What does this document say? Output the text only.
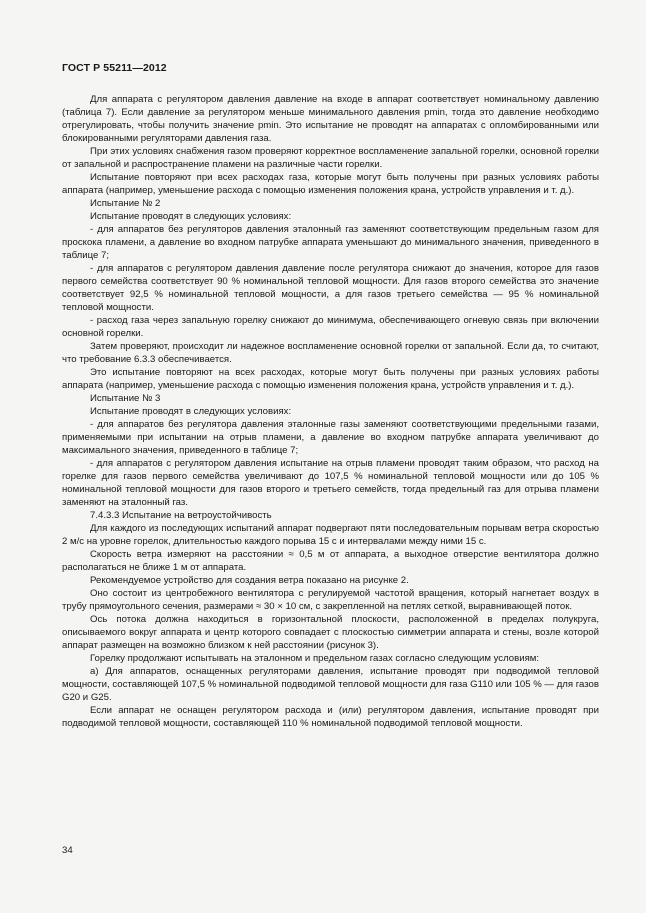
ГОСТ Р 55211—2012

Для аппарата с регулятором давления давление на входе в аппарат соответствует номинальному давлению (таблица 7). Если давление за регулятором меньше минимального давления pmin, тогда это давление необходимо отрегулировать, чтобы получить значение pmin. Это испытание не проводят на аппаратах с опломбированными или блокированными регуляторами давления газа.

При этих условиях снабжения газом проверяют корректное воспламенение запальной горелки, основной горелки от запальной и распространение пламени на различные части горелки.

Испытание повторяют при всех расходах газа, которые могут быть получены при разных условиях работы аппарата (например, уменьшение расхода с помощью изменения положения крана, устройств управления и т. д.).

Испытание № 2

Испытание проводят в следующих условиях:

- для аппаратов без регуляторов давления эталонный газ заменяют соответствующим предельным газом для проскока пламени, а давление во входном патрубке аппарата уменьшают до минимального значения, приведенного в таблице 7;

- для аппаратов с регулятором давления давление после регулятора снижают до значения, которое для газов первого семейства соответствует 90 % номинальной тепловой мощности. Для газов второго семейства это значение соответствует 92,5 % номинальной тепловой мощности, а для газов третьего семейства — 95 % номинальной тепловой мощности.

- расход газа через запальную горелку снижают до минимума, обеспечивающего огневую связь при включении основной горелки.

Затем проверяют, происходит ли надежное воспламенение основной горелки от запальной. Если да, то считают, что требование 6.3.3 обеспечивается.

Это испытание повторяют на всех расходах, которые могут быть получены при разных условиях работы аппарата (например, уменьшение расхода с помощью изменения положения крана, устройств управления и т. д.).

Испытание № 3

Испытание проводят в следующих условиях:

- для аппаратов без регулятора давления эталонные газы заменяют соответствующими предельными газами, применяемыми при испытании на отрыв пламени, а давление во входном патрубке аппарата увеличивают до максимального значения, приведенного в таблице 7;

- для аппаратов с регулятором давления испытание на отрыв пламени проводят таким образом, что расход на горелке для газов первого семейства увеличивают до 107,5 % номинальной тепловой мощности или до 105 % номинальной тепловой мощности для газов второго и третьего семейств, тогда предельный газ для отрыва пламени заменяют на эталонный газ.

7.4.3.3 Испытание на ветроустойчивость

Для каждого из последующих испытаний аппарат подвергают пяти последовательным порывам ветра скоростью 2 м/с на уровне горелок, длительностью каждого порыва 15 с и интервалами между ними 15 с.

Скорость ветра измеряют на расстоянии ≈ 0,5 м от аппарата, а выходное отверстие вентилятора должно располагаться не ближе 1 м от аппарата.

Рекомендуемое устройство для создания ветра показано на рисунке 2.

Оно состоит из центробежного вентилятора с регулируемой частотой вращения, который нагнетает воздух в трубу прямоугольного сечения, размерами ≈ 30 × 10 см, с закрепленной на петлях сеткой, выравнивающей поток.

Ось потока должна находиться в горизонтальной плоскости, расположенной в пределах полукруга, описываемого вокруг аппарата и центр которого совпадает с плоскостью симметрии аппарата и стены, возле которой аппарат размещен на возможно близком к ней расстоянии (рисунок 3).

Горелку продолжают испытывать на эталонном и предельном газах согласно следующим условиям:

а) Для аппаратов, оснащенных регуляторами давления, испытание проводят при подводимой тепловой мощности, составляющей 107,5 % номинальной подводимой тепловой мощности для газа G110 или 105 % — для газов G20 и G25.

Если аппарат не оснащен регулятором расхода и (или) регулятором давления, испытание проводят при подводимой тепловой мощности, составляющей 110 % номинальной подводимой тепловой мощности.

34
